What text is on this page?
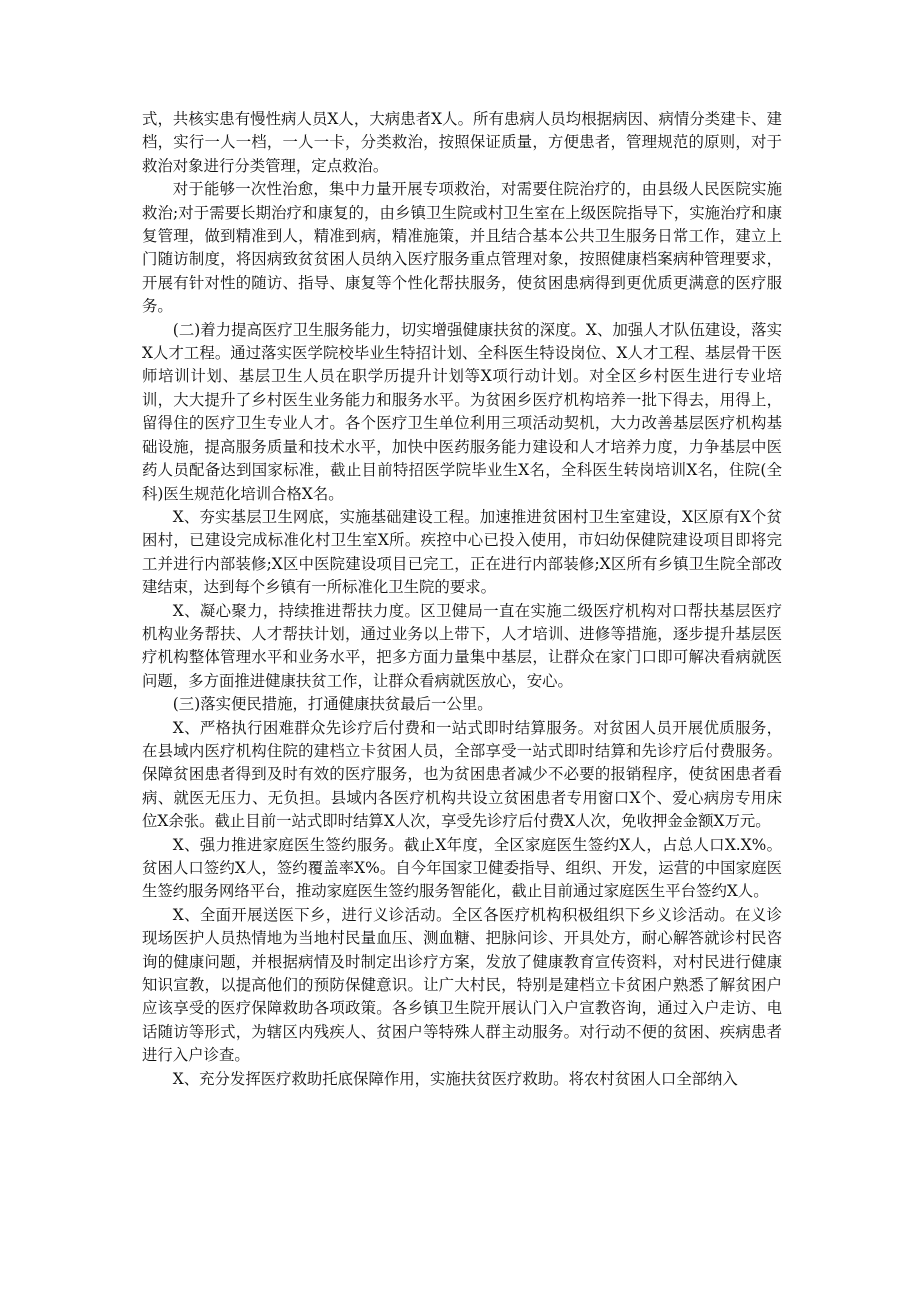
式，共核实患有慢性病人员X人，大病患者X人。所有患病人员均根据病因、病情分类建卡、建档，实行一人一档，一人一卡，分类救治，按照保证质量，方便患者，管理规范的原则，对于救治对象进行分类管理，定点救治。

对于能够一次性治愈，集中力量开展专项救治，对需要住院治疗的，由县级人民医院实施救治;对于需要长期治疗和康复的，由乡镇卫生院或村卫生室在上级医院指导下，实施治疗和康复管理，做到精准到人，精准到病，精准施策，并且结合基本公共卫生服务日常工作，建立上门随访制度，将因病致贫贫困人员纳入医疗服务重点管理对象，按照健康档案病种管理要求，开展有针对性的随访、指导、康复等个性化帮扶服务，使贫困患病得到更优质更满意的医疗服务。

(二)着力提高医疗卫生服务能力，切实增强健康扶贫的深度。X、加强人才队伍建设，落实X人才工程。通过落实医学院校毕业生特招计划、全科医生特设岗位、X人才工程、基层骨干医师培训计划、基层卫生人员在职学历提升计划等X项行动计划。对全区乡村医生进行专业培训，大大提升了乡村医生业务能力和服务水平。为贫困乡医疗机构培养一批下得去，用得上，留得住的医疗卫生专业人才。各个医疗卫生单位利用三项活动契机，大力改善基层医疗机构基础设施，提高服务质量和技术水平，加快中医药服务能力建设和人才培养力度，力争基层中医药人员配备达到国家标准，截止目前特招医学院毕业生X名，全科医生转岗培训X名，住院(全科)医生规范化培训合格X名。

X、夯实基层卫生网底，实施基础建设工程。加速推进贫困村卫生室建设，X区原有X个贫困村，已建设完成标准化村卫生室X所。疾控中心已投入使用，市妇幼保健院建设项目即将完工并进行内部装修;X区中医院建设项目已完工，正在进行内部装修;X区所有乡镇卫生院全部改建结束，达到每个乡镇有一所标准化卫生院的要求。

X、凝心聚力，持续推进帮扶力度。区卫健局一直在实施二级医疗机构对口帮扶基层医疗机构业务帮扶、人才帮扶计划，通过业务以上带下，人才培训、进修等措施，逐步提升基层医疗机构整体管理水平和业务水平，把多方面力量集中基层，让群众在家门口即可解决看病就医问题，多方面推进健康扶贫工作，让群众看病就医放心，安心。

(三)落实便民措施，打通健康扶贫最后一公里。

X、严格执行困难群众先诊疗后付费和一站式即时结算服务。对贫困人员开展优质服务，在县域内医疗机构住院的建档立卡贫困人员，全部享受一站式即时结算和先诊疗后付费服务。保障贫困患者得到及时有效的医疗服务，也为贫困患者减少不必要的报销程序，使贫困患者看病、就医无压力、无负担。县域内各医疗机构共设立贫困患者专用窗口X个、爱心病房专用床位X余张。截止目前一站式即时结算X人次，享受先诊疗后付费X人次，免收押金金额X万元。

X、强力推进家庭医生签约服务。截止X年度，全区家庭医生签约X人，占总人口X.X%。贫困人口签约X人，签约覆盖率X%。自今年国家卫健委指导、组织、开发，运营的中国家庭医生签约服务网络平台，推动家庭医生签约服务智能化，截止目前通过家庭医生平台签约X人。

X、全面开展送医下乡，进行义诊活动。全区各医疗机构积极组织下乡义诊活动。在义诊现场医护人员热情地为当地村民量血压、测血糖、把脉问诊、开具处方，耐心解答就诊村民咨询的健康问题，并根据病情及时制定出诊疗方案，发放了健康教育宣传资料，对村民进行健康知识宣教，以提高他们的预防保健意识。让广大村民，特别是建档立卡贫困户熟悉了解贫困户应该享受的医疗保障救助各项政策。各乡镇卫生院开展认门入户宣教咨询，通过入户走访、电话随访等形式，为辖区内残疾人、贫困户等特殊人群主动服务。对行动不便的贫困、疾病患者进行入户诊查。

X、充分发挥医疗救助托底保障作用，实施扶贫医疗救助。将农村贫困人口全部纳入
